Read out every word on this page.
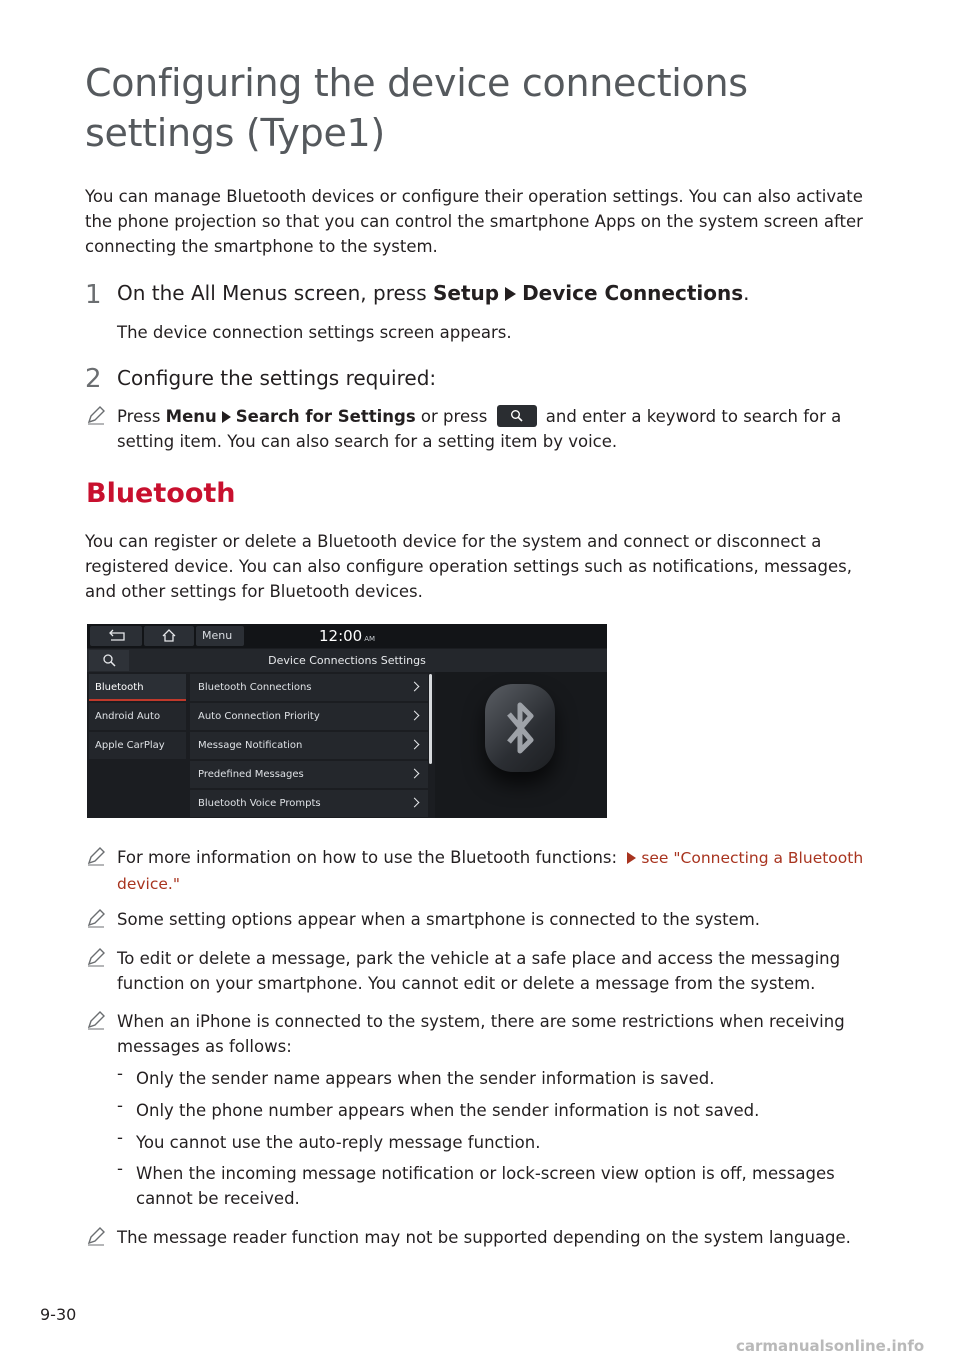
Configuring the device connections settings (Type1)
You can manage Bluetooth devices or configure their operation settings. You can also activate the phone projection so that you can control the smartphone Apps on the system screen after connecting the smartphone to the system.
1 On the All Menus screen, press Setup Device Connections.
The device connection settings screen appears.
2 Configure the settings required:
Press Menu Search for Settings or press	and enter a keyword to search for a
setting item. You can also search for a setting item by voice.
Bluetooth
You can register or delete a Bluetooth device for the system and connect or disconnect a registered device. You can also configure operation settings such as notifications, messages, and other settings for Bluetooth devices.
Menu	12:00 AM
Device Connections Settings
Bluetooth
Android Auto
Apple CarPlay
Bluetooth Connections
Auto Connection Priority
Message Notification
Predefined Messages
Bluetooth Voice Prompts
For more information on how to use the Bluetooth functions: see "Connecting a Bluetooth
device."
Some setting options appear when a smartphone is connected to the system.
To edit or delete a message, park the vehicle at a safe place and access the messaging function on your smartphone. You cannot edit or delete a message from the system.
When an iPhone is connected to the system, there are some restrictions when receiving messages as follows:
- Only the sender name appears when the sender information is saved.
- Only the phone number appears when the sender information is not saved.
- You cannot use the auto-reply message function.
- When the incoming message notification or lock-screen view option is off, messages cannot be received.
The message reader function may not be supported depending on the system language.
9-30
carmanualsonline.info
